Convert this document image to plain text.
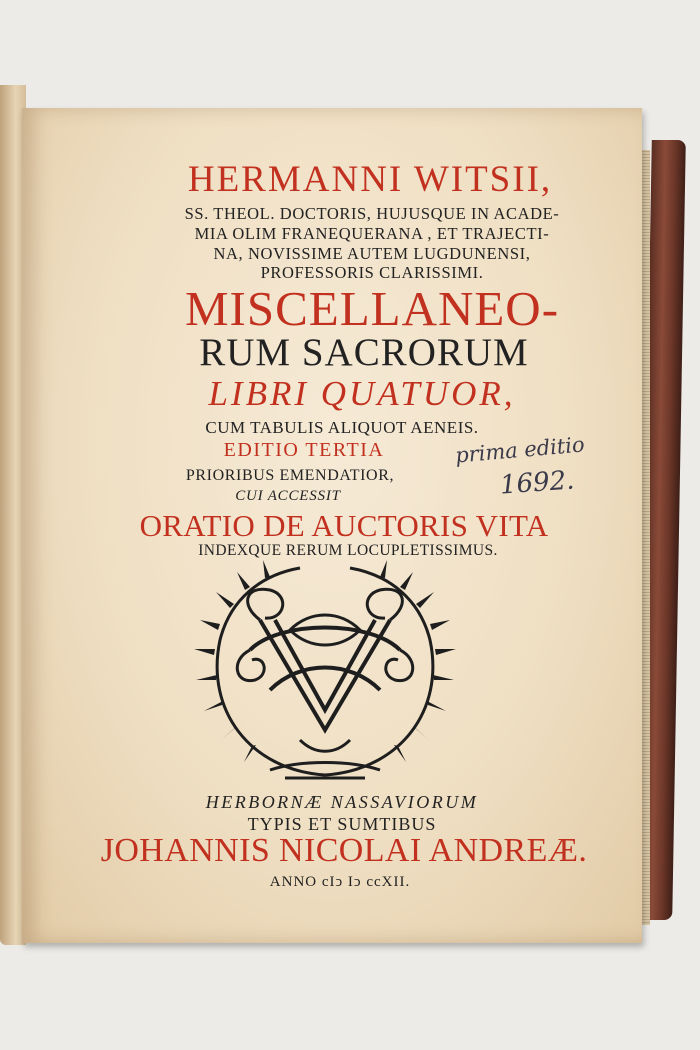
HERMANNI WITSII,
SS. THEOL. DOCTORIS, HUJUSQUE IN ACADE-
MIA OLIM FRANEQUERANA , ET TRAJECTI-
NA, NOVISSIME AUTEM LUGDUNENSI,
PROFESSORIS CLARISSIMI.
MISCELLANEO-
RUM SACRORUM
LIBRI QUATUOR,
CUM TABULIS ALIQUOT AENEIS.
EDITIO TERTIA
PRIORIBUS EMENDATIOR,
CUI ACCESSIT
ORATIO DE AUCTORIS VITA
INDEXQUE RERUM LOCUPLETISSIMUS.
prima editio
1692.
HERBORNÆ NASSAVIORUM
TYPIS ET SUMTIBUS
JOHANNIS NICOLAI ANDREÆ.
ANNO cIↄ Iↄ ccXII.
